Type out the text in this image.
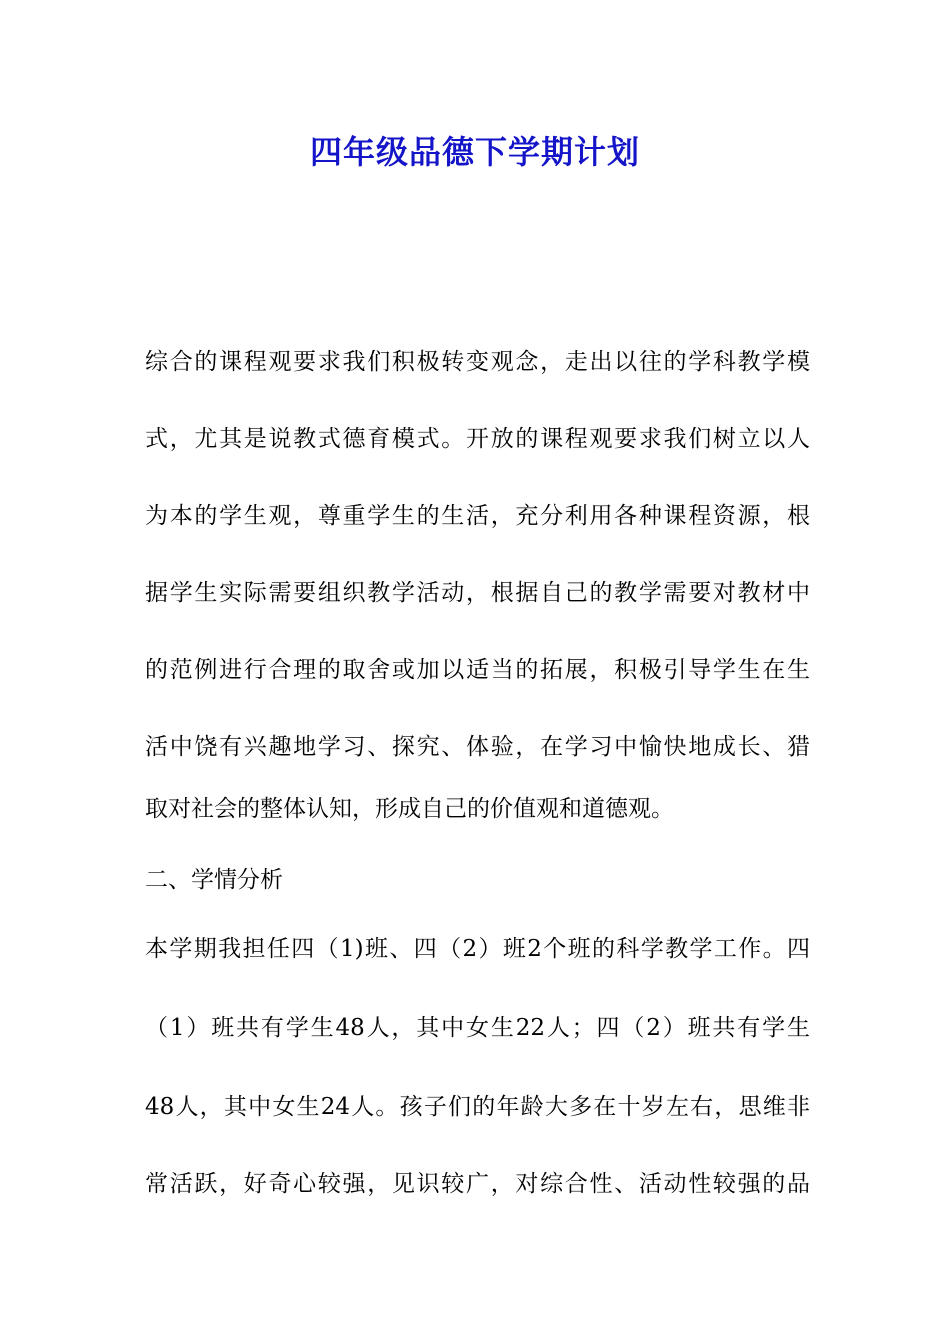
四年级品德下学期计划
综合的课程观要求我们积极转变观念，走出以往的学科教学模
式，尤其是说教式德育模式。开放的课程观要求我们树立以人
为本的学生观，尊重学生的生活，充分利用各种课程资源，根
据学生实际需要组织教学活动，根据自己的教学需要对教材中
的范例进行合理的取舍或加以适当的拓展，积极引导学生在生
活中饶有兴趣地学习、探究、体验，在学习中愉快地成长、猎
取对社会的整体认知，形成自己的价值观和道德观。
二、学情分析
本学期我担任四（1)班、四（2）班2个班的科学教学工作。四
（1）班共有学生48人，其中女生22人；四（2）班共有学生
48人，其中女生24人。孩子们的年龄大多在十岁左右，思维非
常活跃，好奇心较强，见识较广，对综合性、活动性较强的品
